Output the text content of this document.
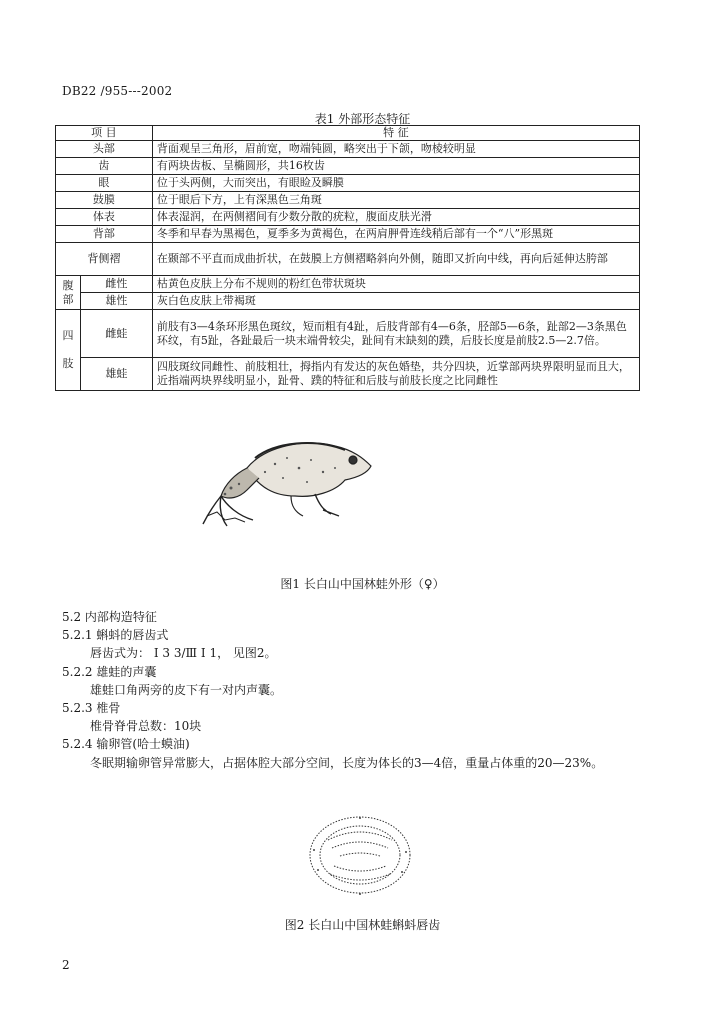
DB22 /955---2002
表1 外部形态特征
项 目		特 征
头部		背面观呈三角形，眉前宽，吻端钝圆，略突出于下颌，吻棱较明显
齿		有两块齿板、呈椭圆形，共16枚齿
眼		位于头两侧，大而突出，有眼睑及瞬膜
鼓膜		位于眼后下方，上有深黑色三角斑
体表		体表湿润，在两侧褶间有少数分散的疣粒，腹面皮肤光滑
背部		冬季和早春为黑褐色，夏季多为黄褐色，在两肩胛骨连线稍后部有一个“八”形黑斑
背侧褶		在颞部不平直而成曲折状，在鼓膜上方侧褶略斜向外侧，随即又折向中线，再向后延伸达胯部
腹
部	雌性	枯黄色皮肤上分布不规则的粉红色带状斑块
	雄性	灰白色皮肤上带褐斑
四

肢	雌蛙	前肢有3—4条环形黑色斑纹，短而粗有4趾，后肢背部有4—6条，胫部5—6条，趾部2—3条黑色环纹，有5趾，各趾最后一块末端骨较尖，趾间有末缺刻的蹼，后肢长度是前肢2.5—2.7倍。
	雄蛙	四肢斑纹同雌性、前肢粗壮，拇指内有发达的灰色婚垫，共分四块，近掌部两块界限明显而且大，近指端两块界线明显小，趾骨、蹼的特征和后肢与前肢长度之比同雌性
图1 长白山中国林蛙外形（♀）

5.2 内部构造特征

5.2.1 蝌蚪的唇齿式

唇齿式为： I 3 3/Ⅲ I 1， 见图2。

5.2.2 雄蛙的声囊

雄蛙口角两旁的皮下有一对内声囊。

5.2.3 椎骨

椎骨脊骨总数：10块

5.2.4 输卵管(哈士蟆油)

冬眠期输卵管异常膨大，占据体腔大部分空间，长度为体长的3—4倍，重量占体重的20—23%。

图2 长白山中国林蛙蝌蚪唇齿
2
